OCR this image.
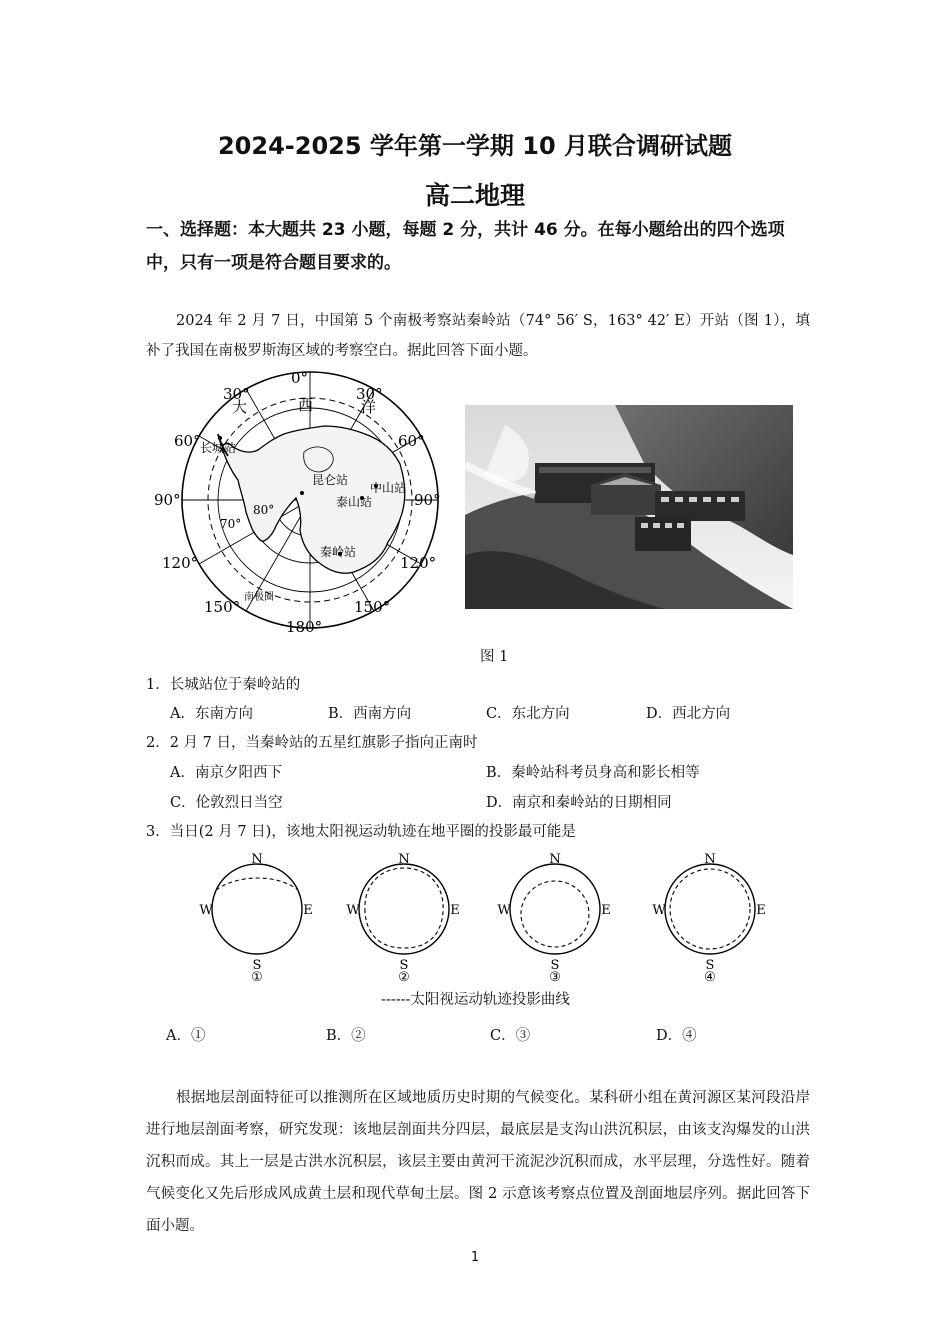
2024-2025 学年第一学期 10 月联合调研试题
高二地理
一、选择题：本大题共 23 小题，每题 2 分，共计 46 分。在每小题给出的四个选项中，只有一项是符合题目要求的。
2024 年 2 月 7 日，中国第 5 个南极考察站秦岭站（74° 56′ S，163° 42′ E）开站（图 1），填补了我国在南极罗斯海区域的考察空白。据此回答下面小题。
0°
30°	30°
60°	60°
90°	90°
120°	120°
150°	150°
180°
70°
80°
大	西	洋
长城站
昆仑站
中山站
泰山站
秦岭站
南极圈
图 1
1．长城站位于秦岭站的
A．东南方向	B．西南方向	C．东北方向	D．西北方向
2．2 月 7 日，当秦岭站的五星红旗影子指向正南时
A．南京夕阳西下	B．秦岭站科考员身高和影长相等
C．伦敦烈日当空	D．南京和秦岭站的日期相同
3．当日(2 月 7 日)，该地太阳视运动轨迹在地平圈的投影最可能是
N
S
W	E
①
N
S
W	E
②
N
S
W	E
③
N
S
W	E
④
------太阳视运动轨迹投影曲线
A．①	B．②	C．③	D．④
根据地层剖面特征可以推测所在区域地质历史时期的气候变化。某科研小组在黄河源区某河段沿岸进行地层剖面考察，研究发现：该地层剖面共分四层，最底层是支沟山洪沉积层，由该支沟爆发的山洪沉积而成。其上一层是古洪水沉积层，该层主要由黄河干流泥沙沉积而成，水平层理，分选性好。随着气候变化又先后形成风成黄土层和现代草甸土层。图 2 示意该考察点位置及剖面地层序列。据此回答下面小题。
1
